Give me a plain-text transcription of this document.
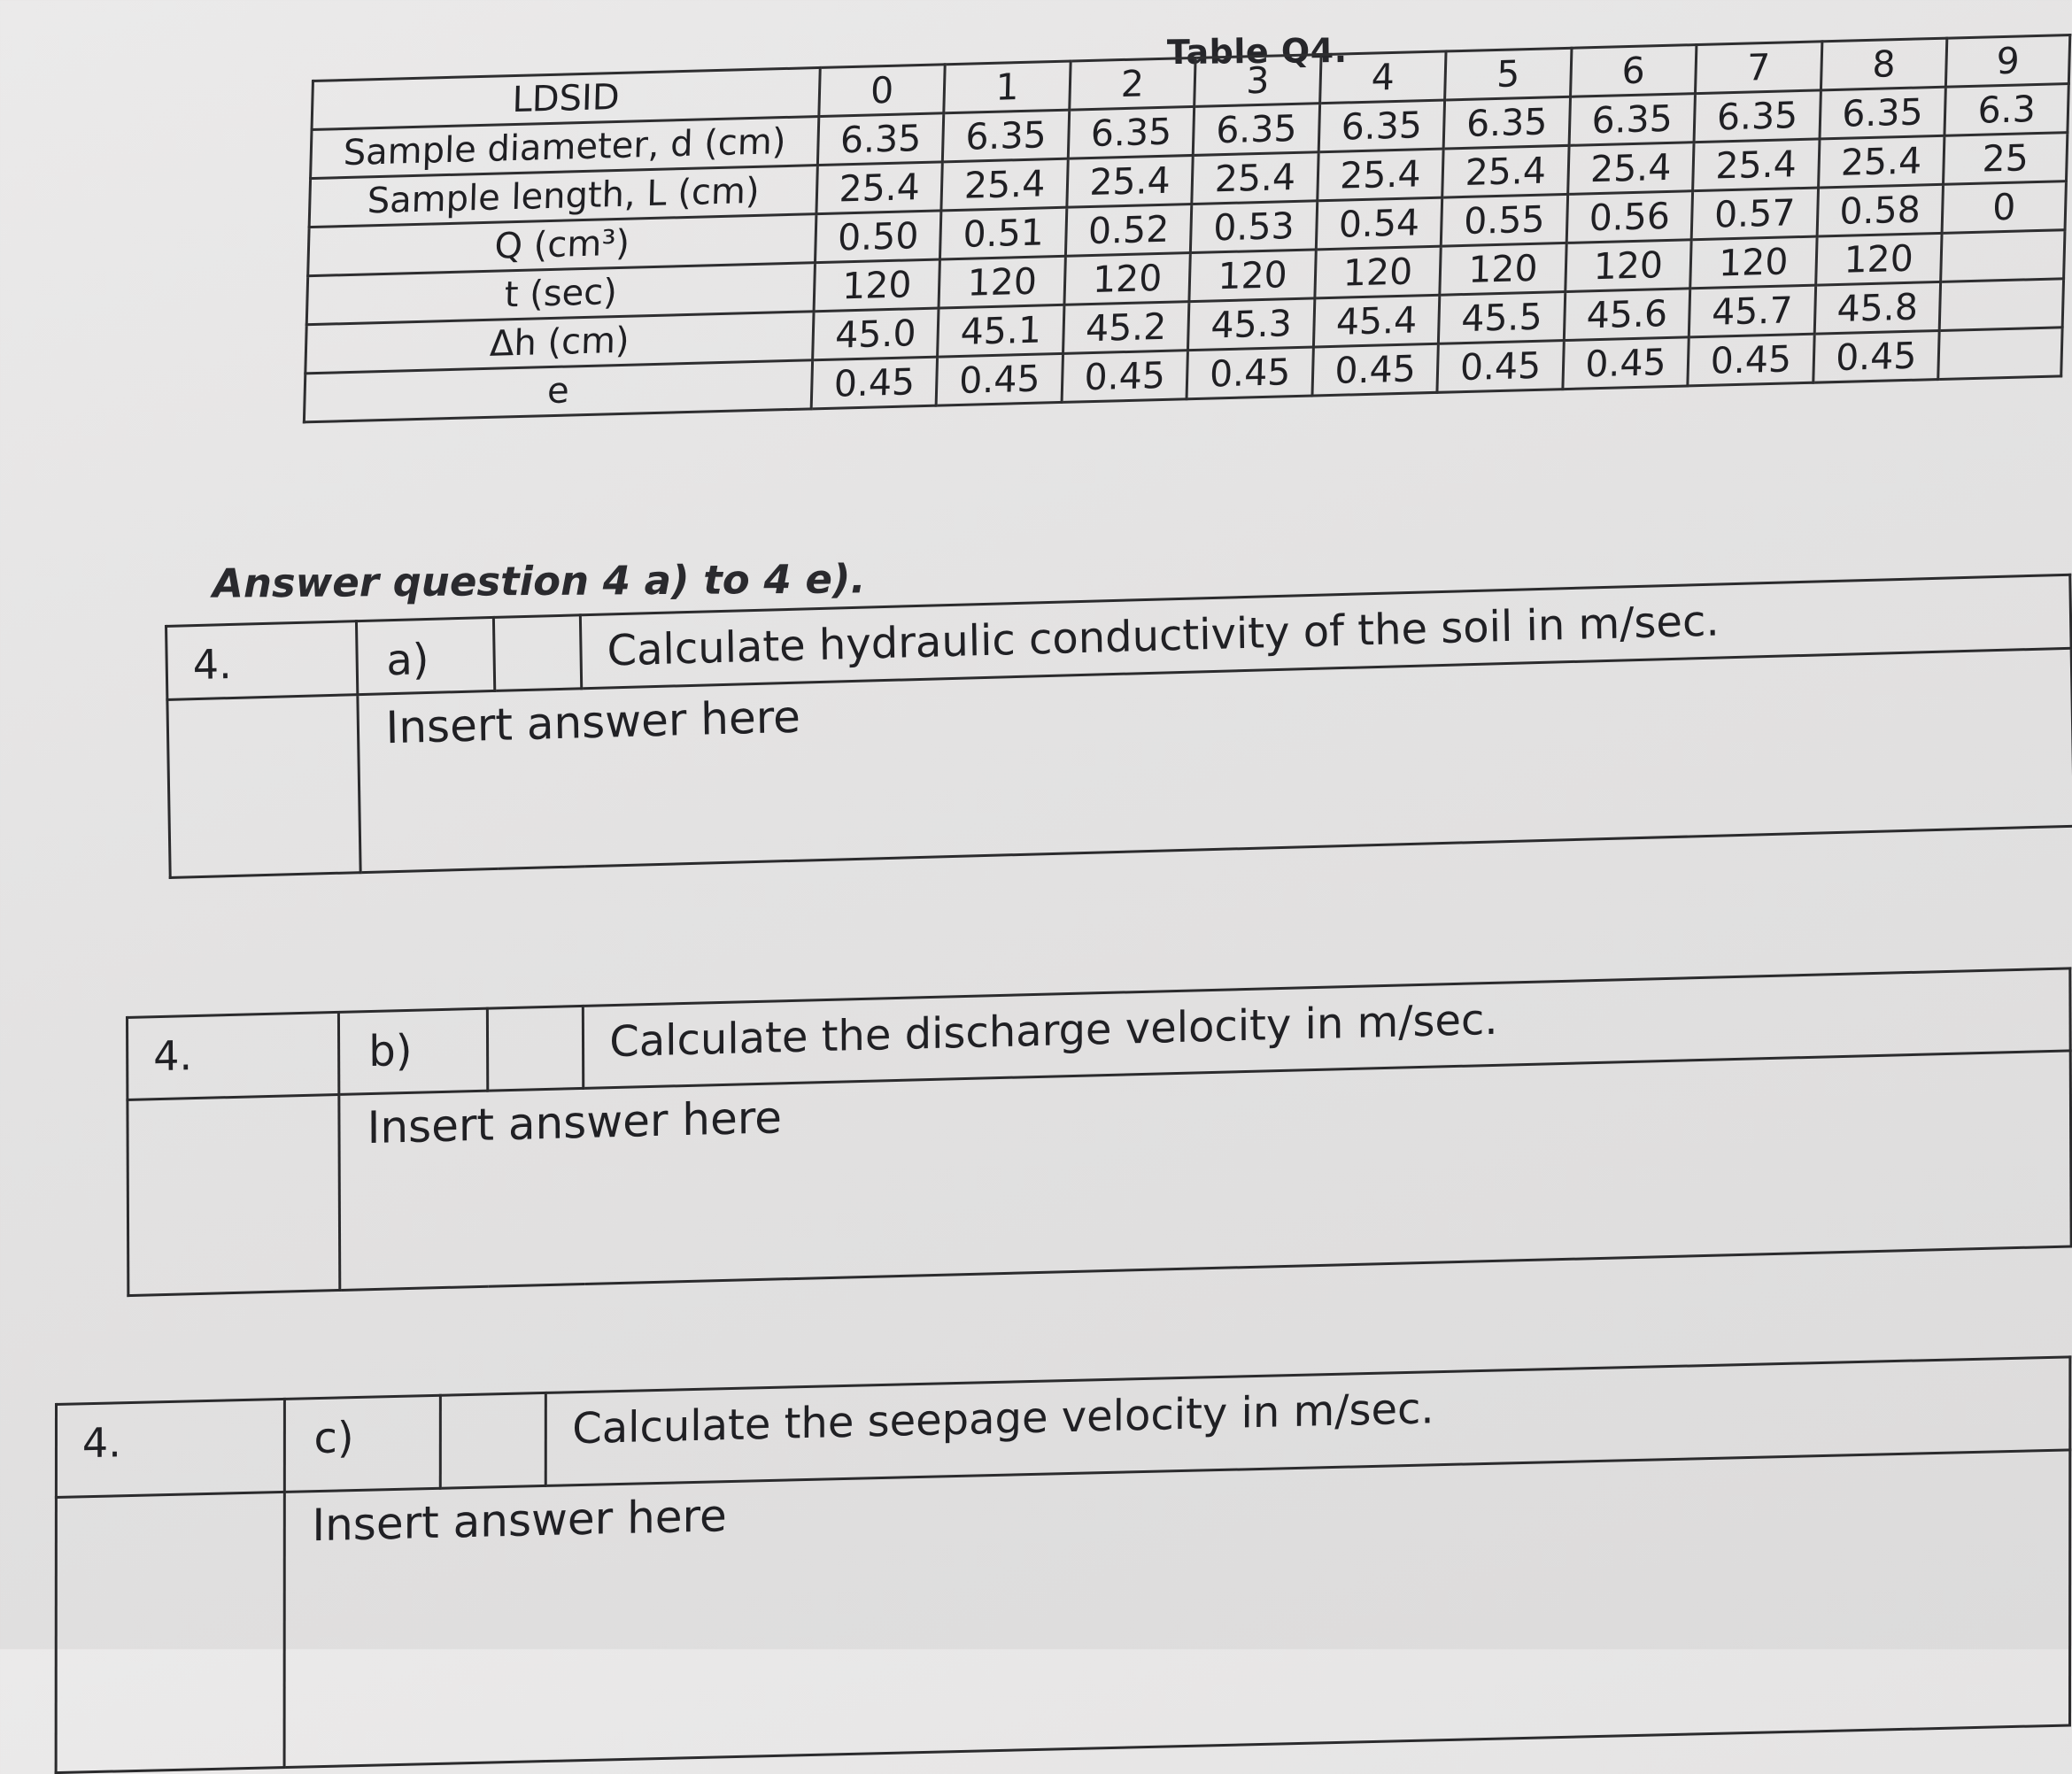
Table Q4.
LDSID	0	1	2	3	4	5	6	7	8	9
Sample diameter, d (cm)	6.35	6.35	6.35	6.35	6.35	6.35	6.35	6.35	6.35	6.3
Sample length, L (cm)	25.4	25.4	25.4	25.4	25.4	25.4	25.4	25.4	25.4	25
Q (cm³)	0.50	0.51	0.52	0.53	0.54	0.55	0.56	0.57	0.58	0
t (sec)	120	120	120	120	120	120	120	120	120	
Δh (cm)	45.0	45.1	45.2	45.3	45.4	45.5	45.6	45.7	45.8	
e	0.45	0.45	0.45	0.45	0.45	0.45	0.45	0.45	0.45	
Answer question 4 a) to 4 e).
4.	a)		Calculate hydraulic conductivity of the soil in m/sec.
	Insert answer here		
4.	b)		Calculate the discharge velocity in m/sec.
	Insert answer here		
4.	c)		Calculate the seepage velocity in m/sec.
	Insert answer here		
